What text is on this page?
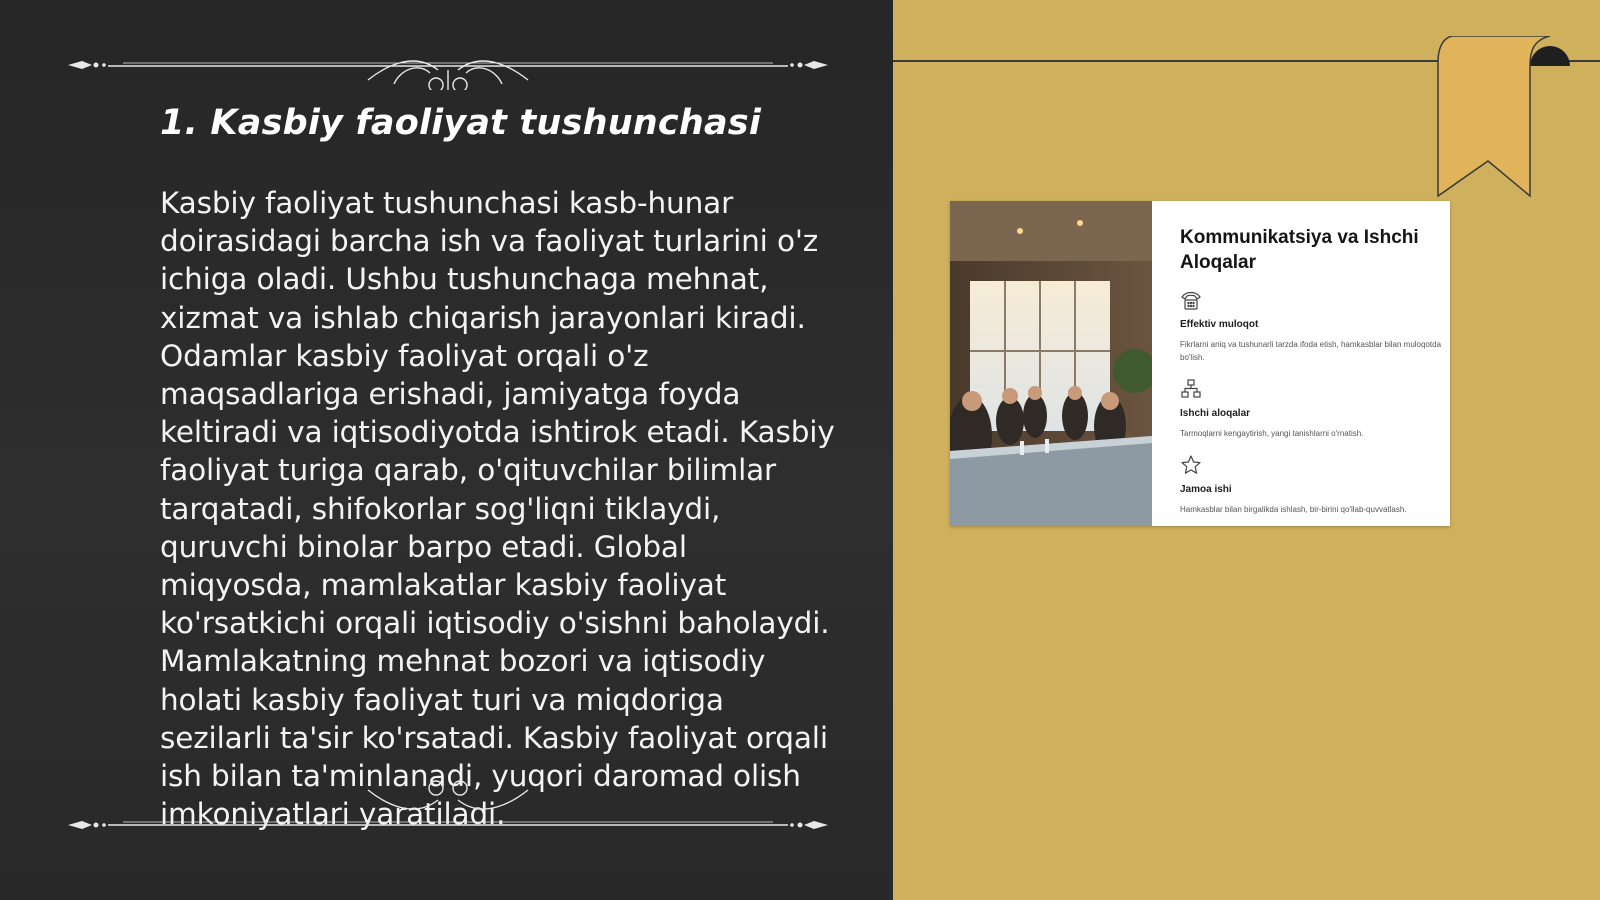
1. Kasbiy faoliyat tushunchasi

Kasbiy faoliyat tushunchasi kasb-hunar doirasidagi barcha ish va faoliyat turlarini o'z ichiga oladi. Ushbu tushunchaga mehnat, xizmat va ishlab chiqarish jarayonlari kiradi. Odamlar kasbiy faoliyat orqali o'z maqsadlariga erishadi, jamiyatga foyda keltiradi va iqtisodiyotda ishtirok etadi. Kasbiy faoliyat turiga qarab, o'qituvchilar bilimlar tarqatadi, shifokorlar sog'liqni tiklaydi, quruvchi binolar barpo etadi. Global miqyosda, mamlakatlar kasbiy faoliyat ko'rsatkichi orqali iqtisodiy o'sishni baholaydi. Mamlakatning mehnat bozori va iqtisodiy holati kasbiy faoliyat turi va miqdoriga sezilarli ta'sir ko'rsatadi. Kasbiy faoliyat orqali ish bilan ta'minlanadi, yuqori daromad olish imkoniyatlari yaratiladi.

Kommunikatsiya va Ishchi Aloqalar
Effektiv muloqot
Fikrlarni aniq va tushunarli tarzda ifoda etish, hamkasblar bilan muloqotda bo'lish.
Ishchi aloqalar
Tarmoqlarni kengaytirish, yangi tanishlarni o'rnatish.
Jamoa ishi
Hamkasblar bilan birgalikda ishlash, bir-birini qo'llab-quvvatlash.
